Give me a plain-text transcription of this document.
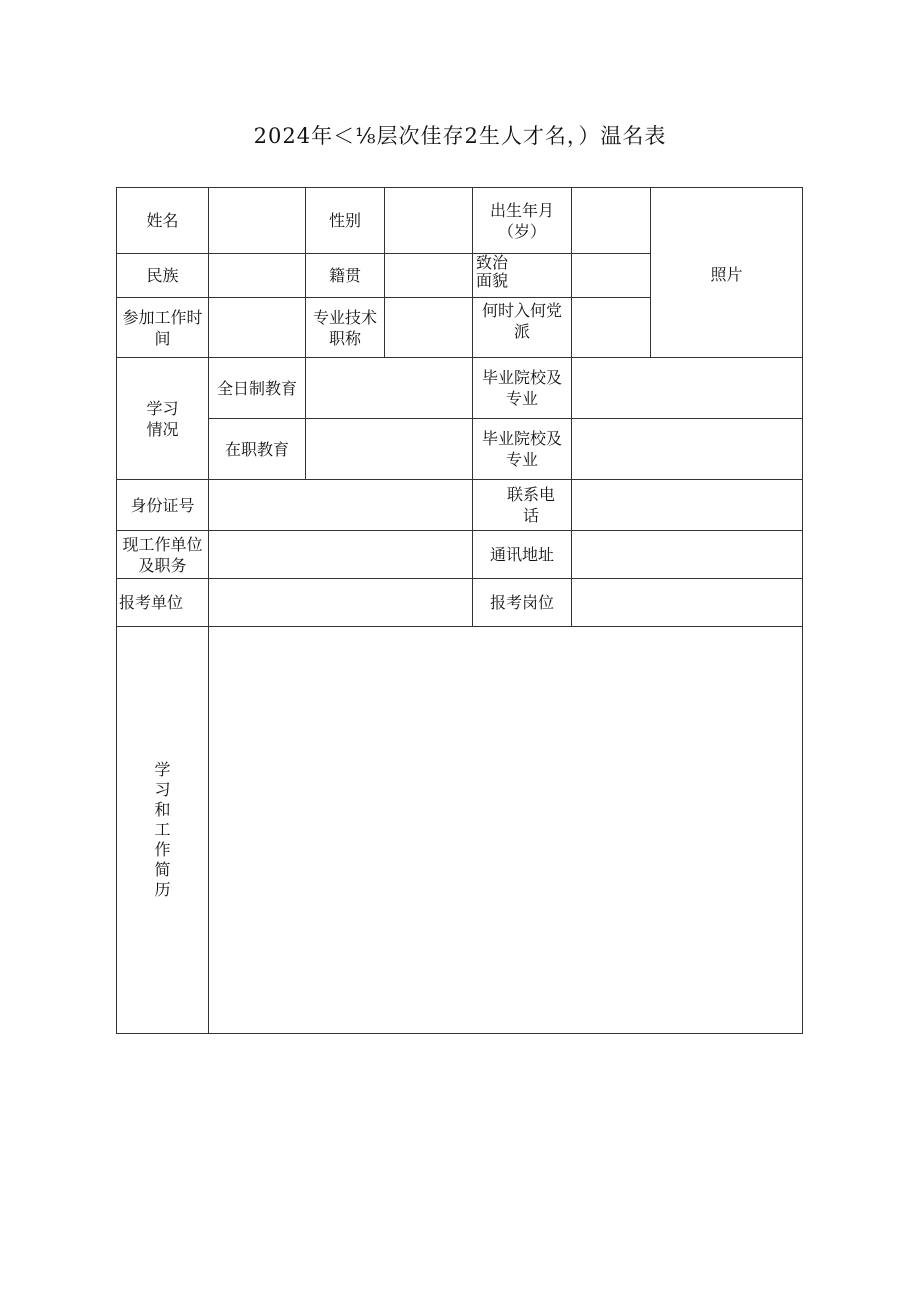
2024年＜⅛层次佳存2生人才名，）温名表
姓名		性别		出生年月（岁）		照片

民族		籍贯		致治面貌		

参加工作时间		专业技术职称		何时入何党派		

学习情况	全日制教育			毕业院校及专业		

	在职教育			毕业院校及专业		

身份证号				联系电话		

现工作单位及职务				通讯地址		

报考单位				报考岗位		

学习和工作简历						
